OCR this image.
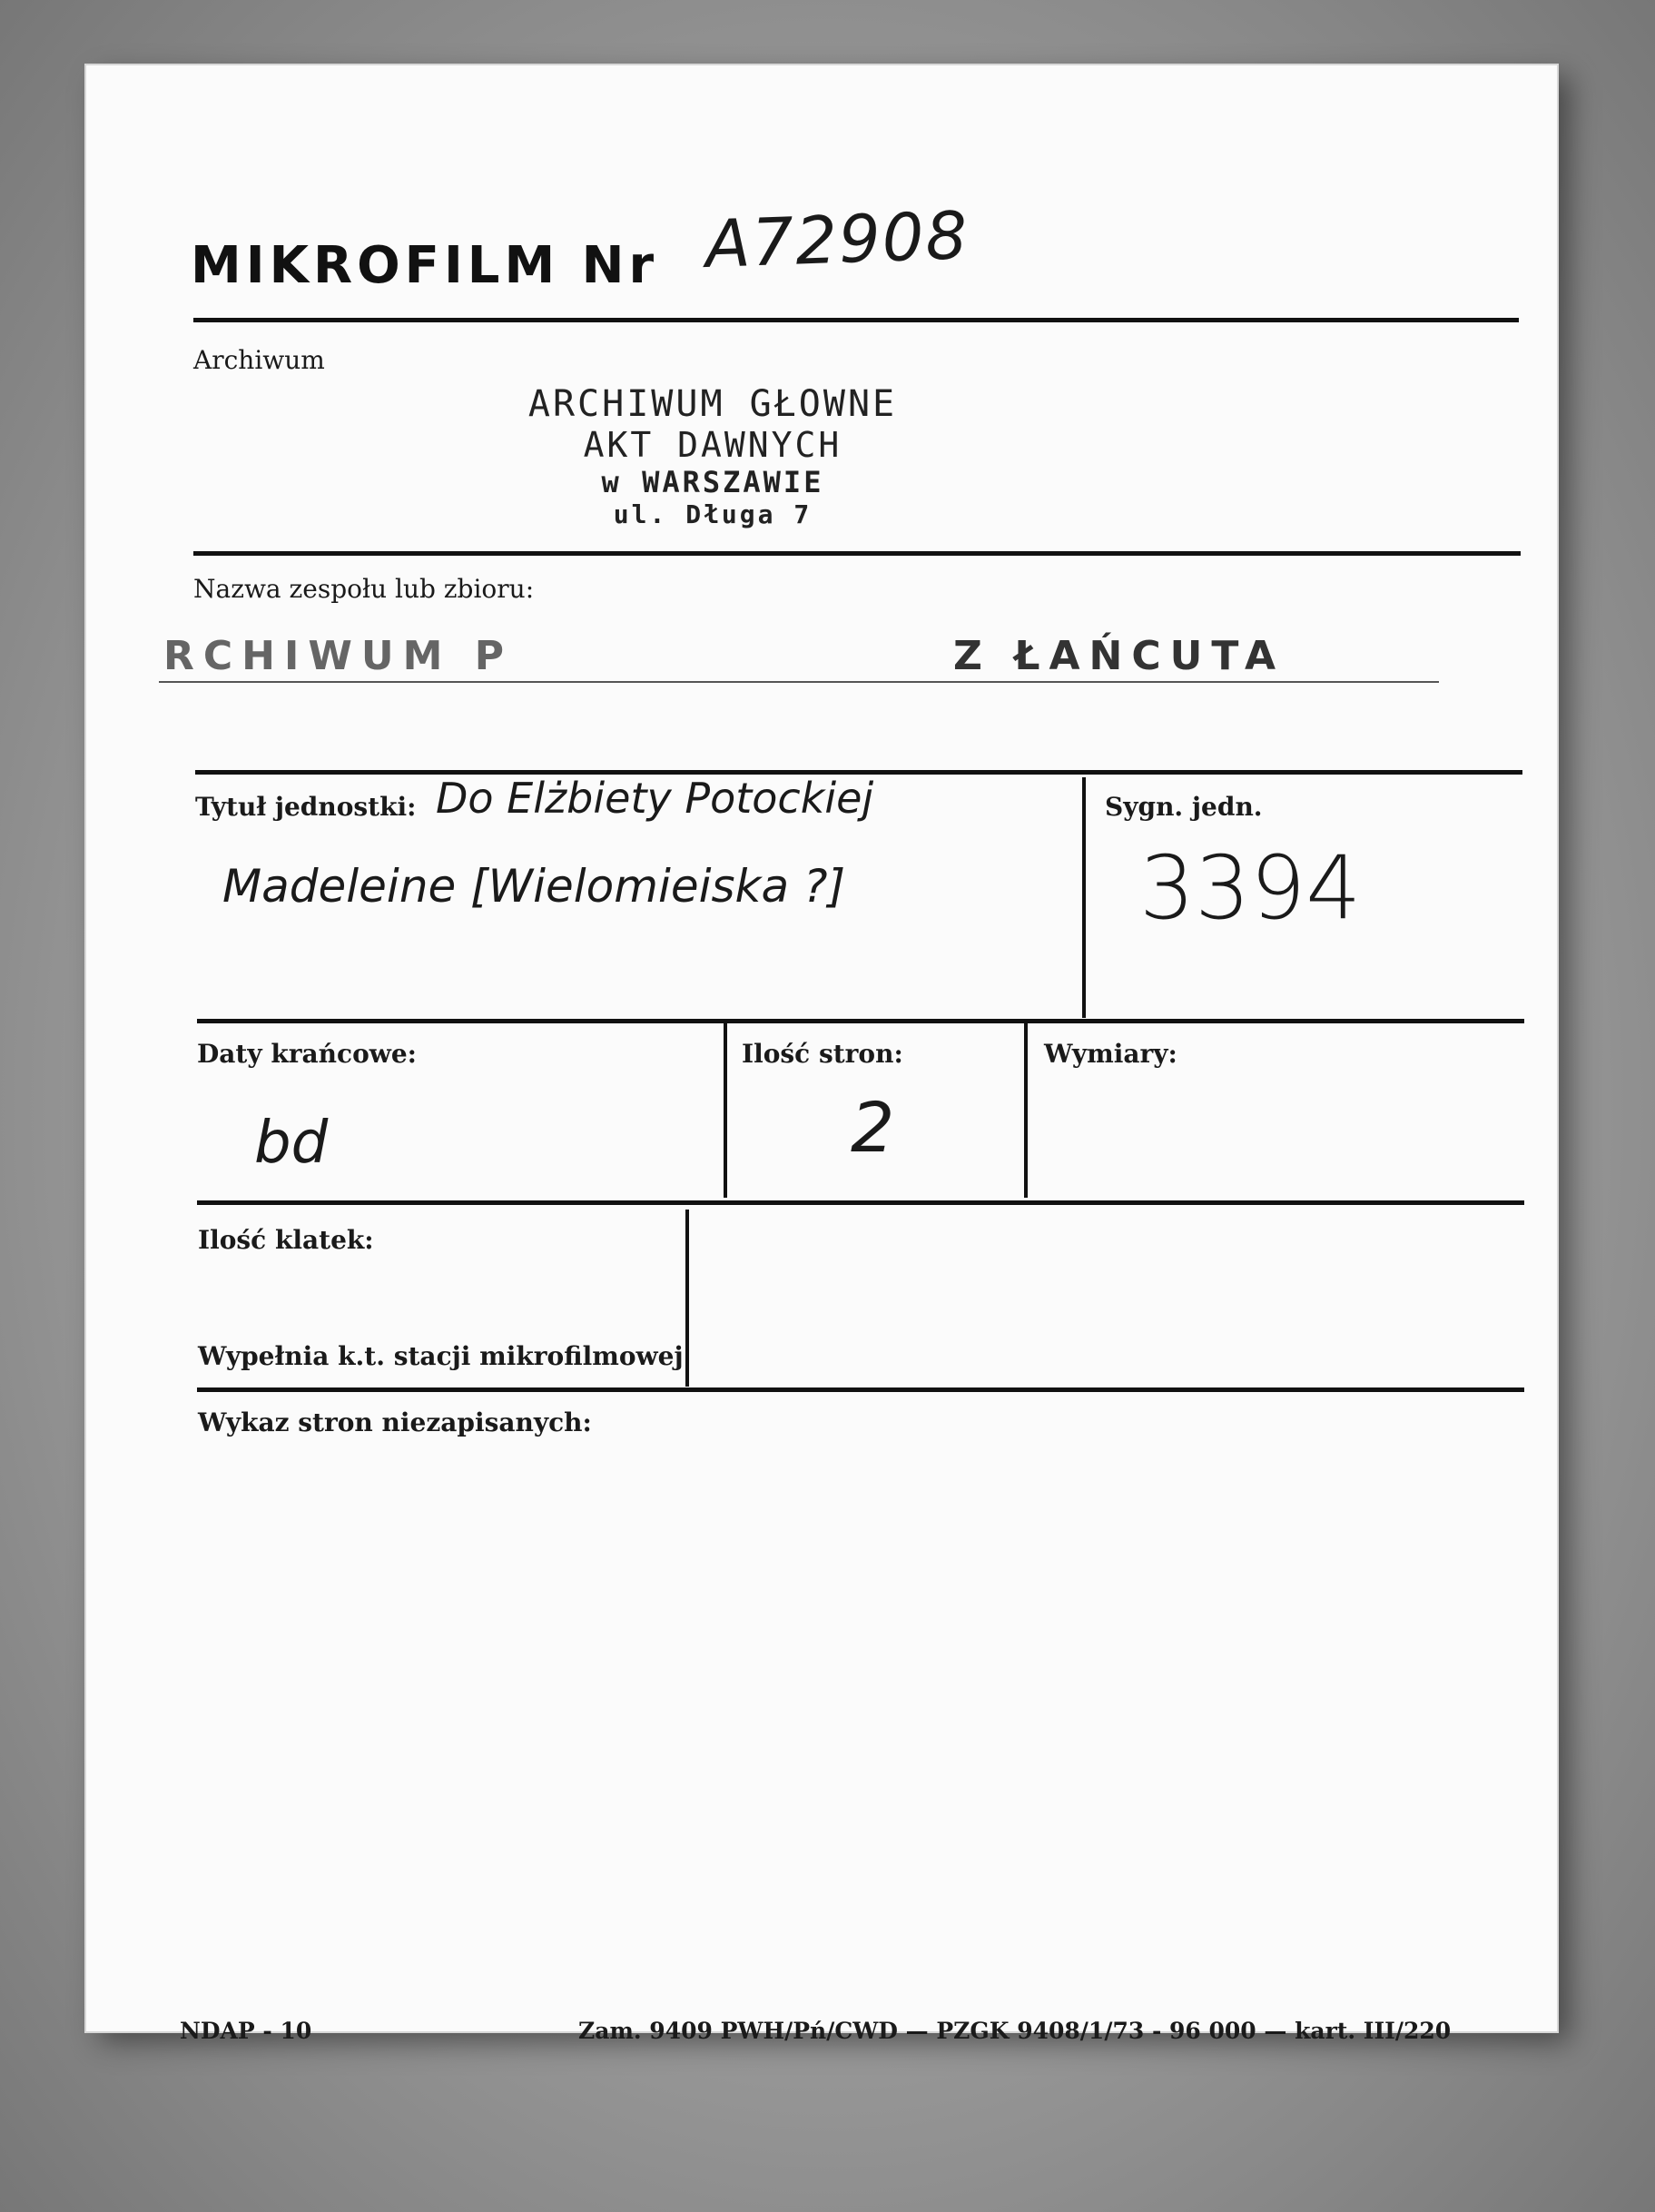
MIKROFILM Nr A72908
Archiwum
ARCHIWUM GŁOWNE
AKT DAWNYCH
w WARSZAWIE
ul. Długa 7
Nazwa zespołu lub zbioru:
RCHIWUM P	Z ŁAŃCUTA
Tytuł jednostki: Do Elżbiety Potockiej
Madeleine [Wielomieiska ?]
Sygn. jedn.
3394
Daty krańcowe:
bd
Ilość stron:
2
Wymiary:
Ilość klatek:
Wypełnia k.t. stacji mikrofilmowej
Wykaz stron niezapisanych:
NDAP - 10	Zam. 9409 PWH/Pń/CWD — PZGK 9408/1/73 - 96 000 — kart. III/220
